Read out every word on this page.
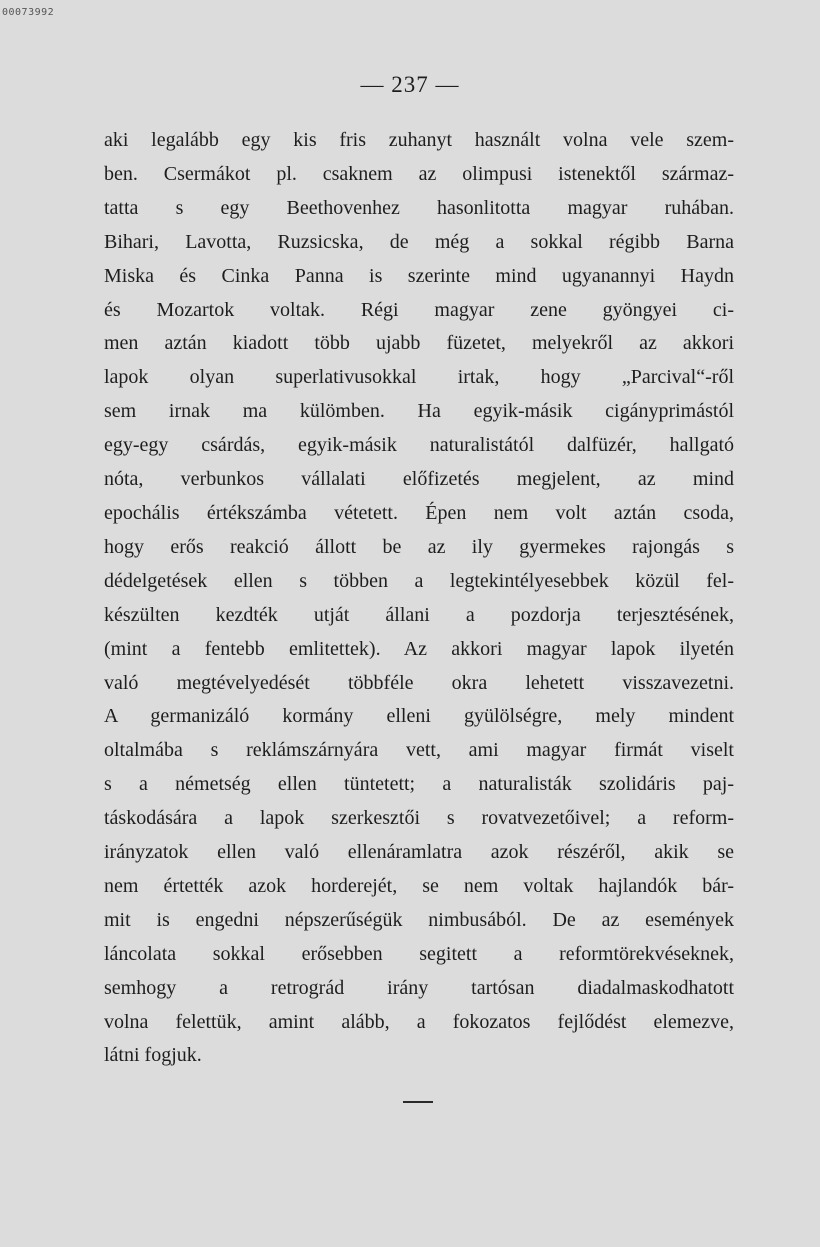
00073992
— 237 —
aki legalább egy kis fris zuhanyt használt volna vele szem-
ben. Csermákot pl. csaknem az olimpusi istenektől származ-
tatta s egy Beethovenhez hasonlitotta magyar ruhában.
Bihari, Lavotta, Ruzsicska, de még a sokkal régibb Barna
Miska és Cinka Panna is szerinte mind ugyanannyi Haydn
és Mozartok voltak. Régi magyar zene gyöngyei ci-
men aztán kiadott több ujabb füzetet, melyekről az akkori
lapok olyan superlativusokkal irtak, hogy „Parcival“-ről
sem irnak ma külömben. Ha egyik-másik cigányprimástól
egy-egy csárdás, egyik-másik naturalistától dalfüzér, hallgató
nóta, verbunkos vállalati előfizetés megjelent, az mind
epochális értékszámba vétetett. Épen nem volt aztán csoda,
hogy erős reakció állott be az ily gyermekes rajongás s
dédelgetések ellen s többen a legtekintélyesebbek közül fel-
készülten kezdték utját állani a pozdorja terjesztésének,
(mint a fentebb emlitettek). Az akkori magyar lapok ilyetén
való megtévelyedését többféle okra lehetett visszavezetni.
A germanizáló kormány elleni gyülölségre, mely mindent
oltalmába s reklámszárnyára vett, ami magyar firmát viselt
s a németség ellen tüntetett; a naturalisták szolidáris paj-
táskodására a lapok szerkesztői s rovatvezetőivel; a reform-
irányzatok ellen való ellenáramlatra azok részéről, akik se
nem értették azok horderejét, se nem voltak hajlandók bár-
mit is engedni népszerűségük nimbusából. De az események
láncolata sokkal erősebben segitett a reformtörekvéseknek,
semhogy a retrográd irány tartósan diadalmaskodhatott
volna felettük, amint alább, a fokozatos fejlődést elemezve,
látni fogjuk.
